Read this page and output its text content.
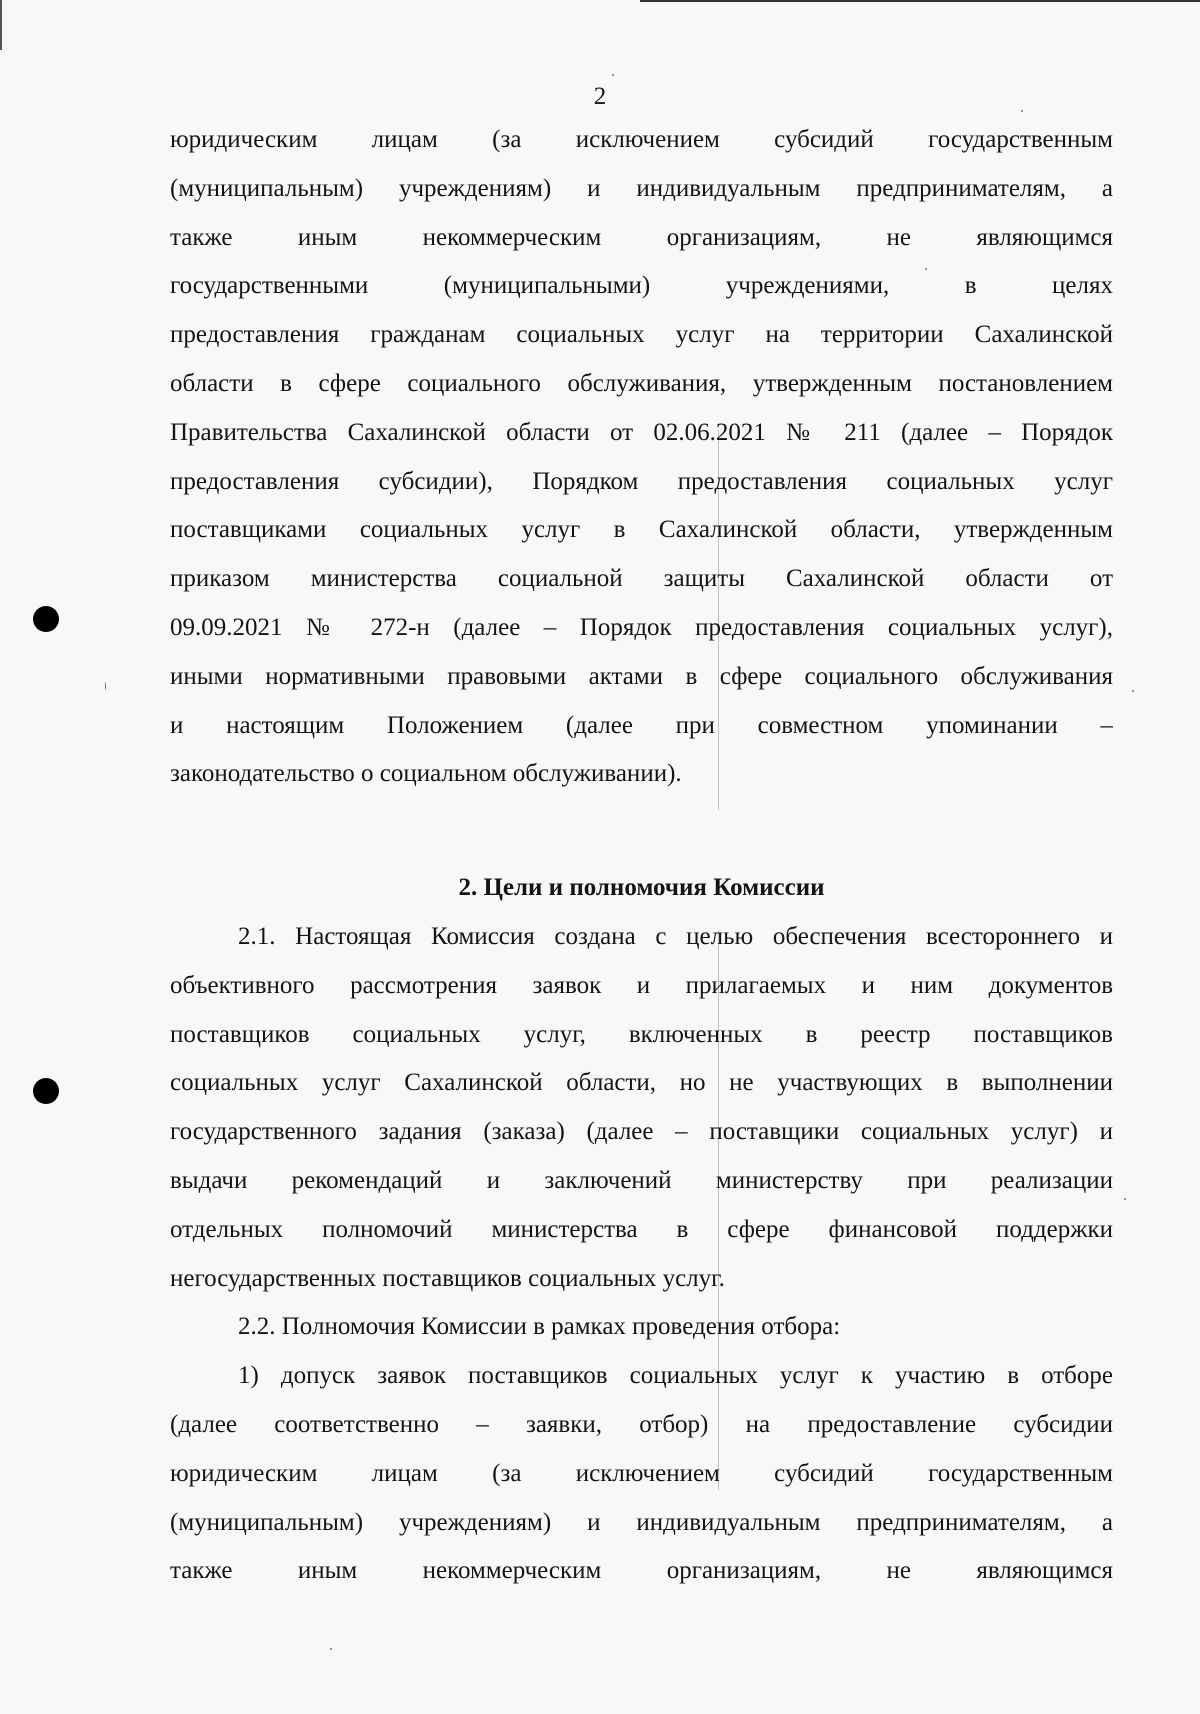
2
юридическим лицам (за исключением субсидий государственным
(муниципальным) учреждениям) и индивидуальным предпринимателям, а
также иным некоммерческим организациям, не являющимся
государственными (муниципальными) учреждениями, в целях
предоставления гражданам социальных услуг на территории Сахалинской
области в сфере социального обслуживания, утвержденным постановлением
Правительства Сахалинской области от 02.06.2021 № 211 (далее – Порядок
предоставления субсидии), Порядком предоставления социальных услуг
поставщиками социальных услуг в Сахалинской области, утвержденным
приказом министерства социальной защиты Сахалинской области от
09.09.2021 № 272-н (далее – Порядок предоставления социальных услуг),
иными нормативными правовыми актами в сфере социального обслуживания
и настоящим Положением (далее при совместном упоминании –
законодательство о социальном обслуживании).
2. Цели и полномочия Комиссии
2.1. Настоящая Комиссия создана с целью обеспечения всестороннего и
объективного рассмотрения заявок и прилагаемых и ним документов
поставщиков социальных услуг, включенных в реестр поставщиков
социальных услуг Сахалинской области, но не участвующих в выполнении
государственного задания (заказа) (далее – поставщики социальных услуг) и
выдачи рекомендаций и заключений министерству при реализации
отдельных полномочий министерства в сфере финансовой поддержки
негосударственных поставщиков социальных услуг.
2.2. Полномочия Комиссии в рамках проведения отбора:
1) допуск заявок поставщиков социальных услуг к участию в отборе
(далее соответственно – заявки, отбор) на предоставление субсидии
юридическим лицам (за исключением субсидий государственным
(муниципальным) учреждениям) и индивидуальным предпринимателям, а
также иным некоммерческим организациям, не являющимся
